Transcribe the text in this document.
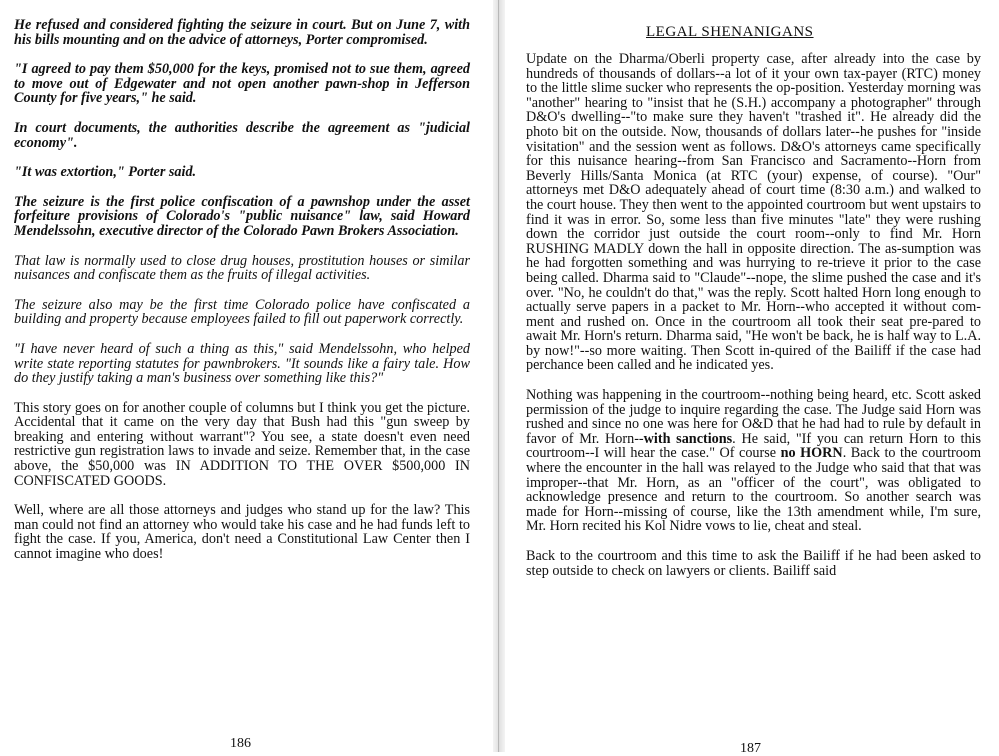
He refused and considered fighting the seizure in court. But on June 7, with his bills mounting and on the advice of attorneys, Porter compromised.

"I agreed to pay them $50,000 for the keys, promised not to sue them, agreed to move out of Edgewater and not open another pawn-shop in Jefferson County for five years," he said.

In court documents, the authorities describe the agreement as "judicial economy".

"It was extortion," Porter said.

The seizure is the first police confiscation of a pawnshop under the asset forfeiture provisions of Colorado's "public nuisance" law, said Howard Mendelssohn, executive director of the Colorado Pawn Brokers Association.

That law is normally used to close drug houses, prostitution houses or similar nuisances and confiscate them as the fruits of illegal activities.

The seizure also may be the first time Colorado police have confiscated a building and property because employees failed to fill out paperwork correctly.

"I have never heard of such a thing as this," said Mendelssohn, who helped write state reporting statutes for pawnbrokers. "It sounds like a fairy tale. How do they justify taking a man's business over something like this?"

This story goes on for another couple of columns but I think you get the picture. Accidental that it came on the very day that Bush had this "gun sweep by breaking and entering without warrant"? You see, a state doesn't even need restrictive gun registration laws to invade and seize. Remember that, in the case above, the $50,000 was IN ADDITION TO THE OVER $500,000 IN CONFISCATED GOODS.

Well, where are all those attorneys and judges who stand up for the law? This man could not find an attorney who would take his case and he had funds left to fight the case. If you, America, don't need a Constitutional Law Center then I cannot imagine who does!

186
LEGAL SHENANIGANS

Update on the Dharma/Oberli property case, after already into the case by hundreds of thousands of dollars--a lot of it your own tax-payer (RTC) money to the little slime sucker who represents the op-position. Yesterday morning was "another" hearing to "insist that he (S.H.) accompany a photographer" through D&O's dwelling--"to make sure they haven't "trashed it". He already did the photo bit on the outside. Now, thousands of dollars later--he pushes for "inside visitation" and the session went as follows. D&O's attorneys came specifically for this nuisance hearing--from San Francisco and Sacramento--Horn from Beverly Hills/Santa Monica (at RTC (your) expense, of course). "Our" attorneys met D&O adequately ahead of court time (8:30 a.m.) and walked to the court house. They then went to the appointed courtroom but went upstairs to find it was in error. So, some less than five minutes "late" they were rushing down the corridor just outside the court room--only to find Mr. Horn RUSHING MADLY down the hall in opposite direction. The as-sumption was he had forgotten something and was hurrying to re-trieve it prior to the case being called. Dharma said to "Claude"--nope, the slime pushed the case and it's over. "No, he couldn't do that," was the reply. Scott halted Horn long enough to actually serve papers in a packet to Mr. Horn--who accepted it without com-ment and rushed on. Once in the courtroom all took their seat pre-pared to await Mr. Horn's return. Dharma said, "He won't be back, he is half way to L.A. by now!"--so more waiting. Then Scott in-quired of the Bailiff if the case had perchance been called and he indicated yes.

Nothing was happening in the courtroom--nothing being heard, etc. Scott asked permission of the judge to inquire regarding the case. The Judge said Horn was rushed and since no one was here for O&D that he had had to rule by default in favor of Mr. Horn--with sanctions. He said, "If you can return Horn to this courtroom--I will hear the case." Of course no HORN. Back to the courtroom where the encounter in the hall was relayed to the Judge who said that that was improper--that Mr. Horn, as an "officer of the court", was obligated to acknowledge presence and return to the courtroom. So another search was made for Horn--missing of course, like the 13th amendment while, I'm sure, Mr. Horn recited his Kol Nidre vows to lie, cheat and steal.

Back to the courtroom and this time to ask the Bailiff if he had been asked to step outside to check on lawyers or clients. Bailiff said

187
